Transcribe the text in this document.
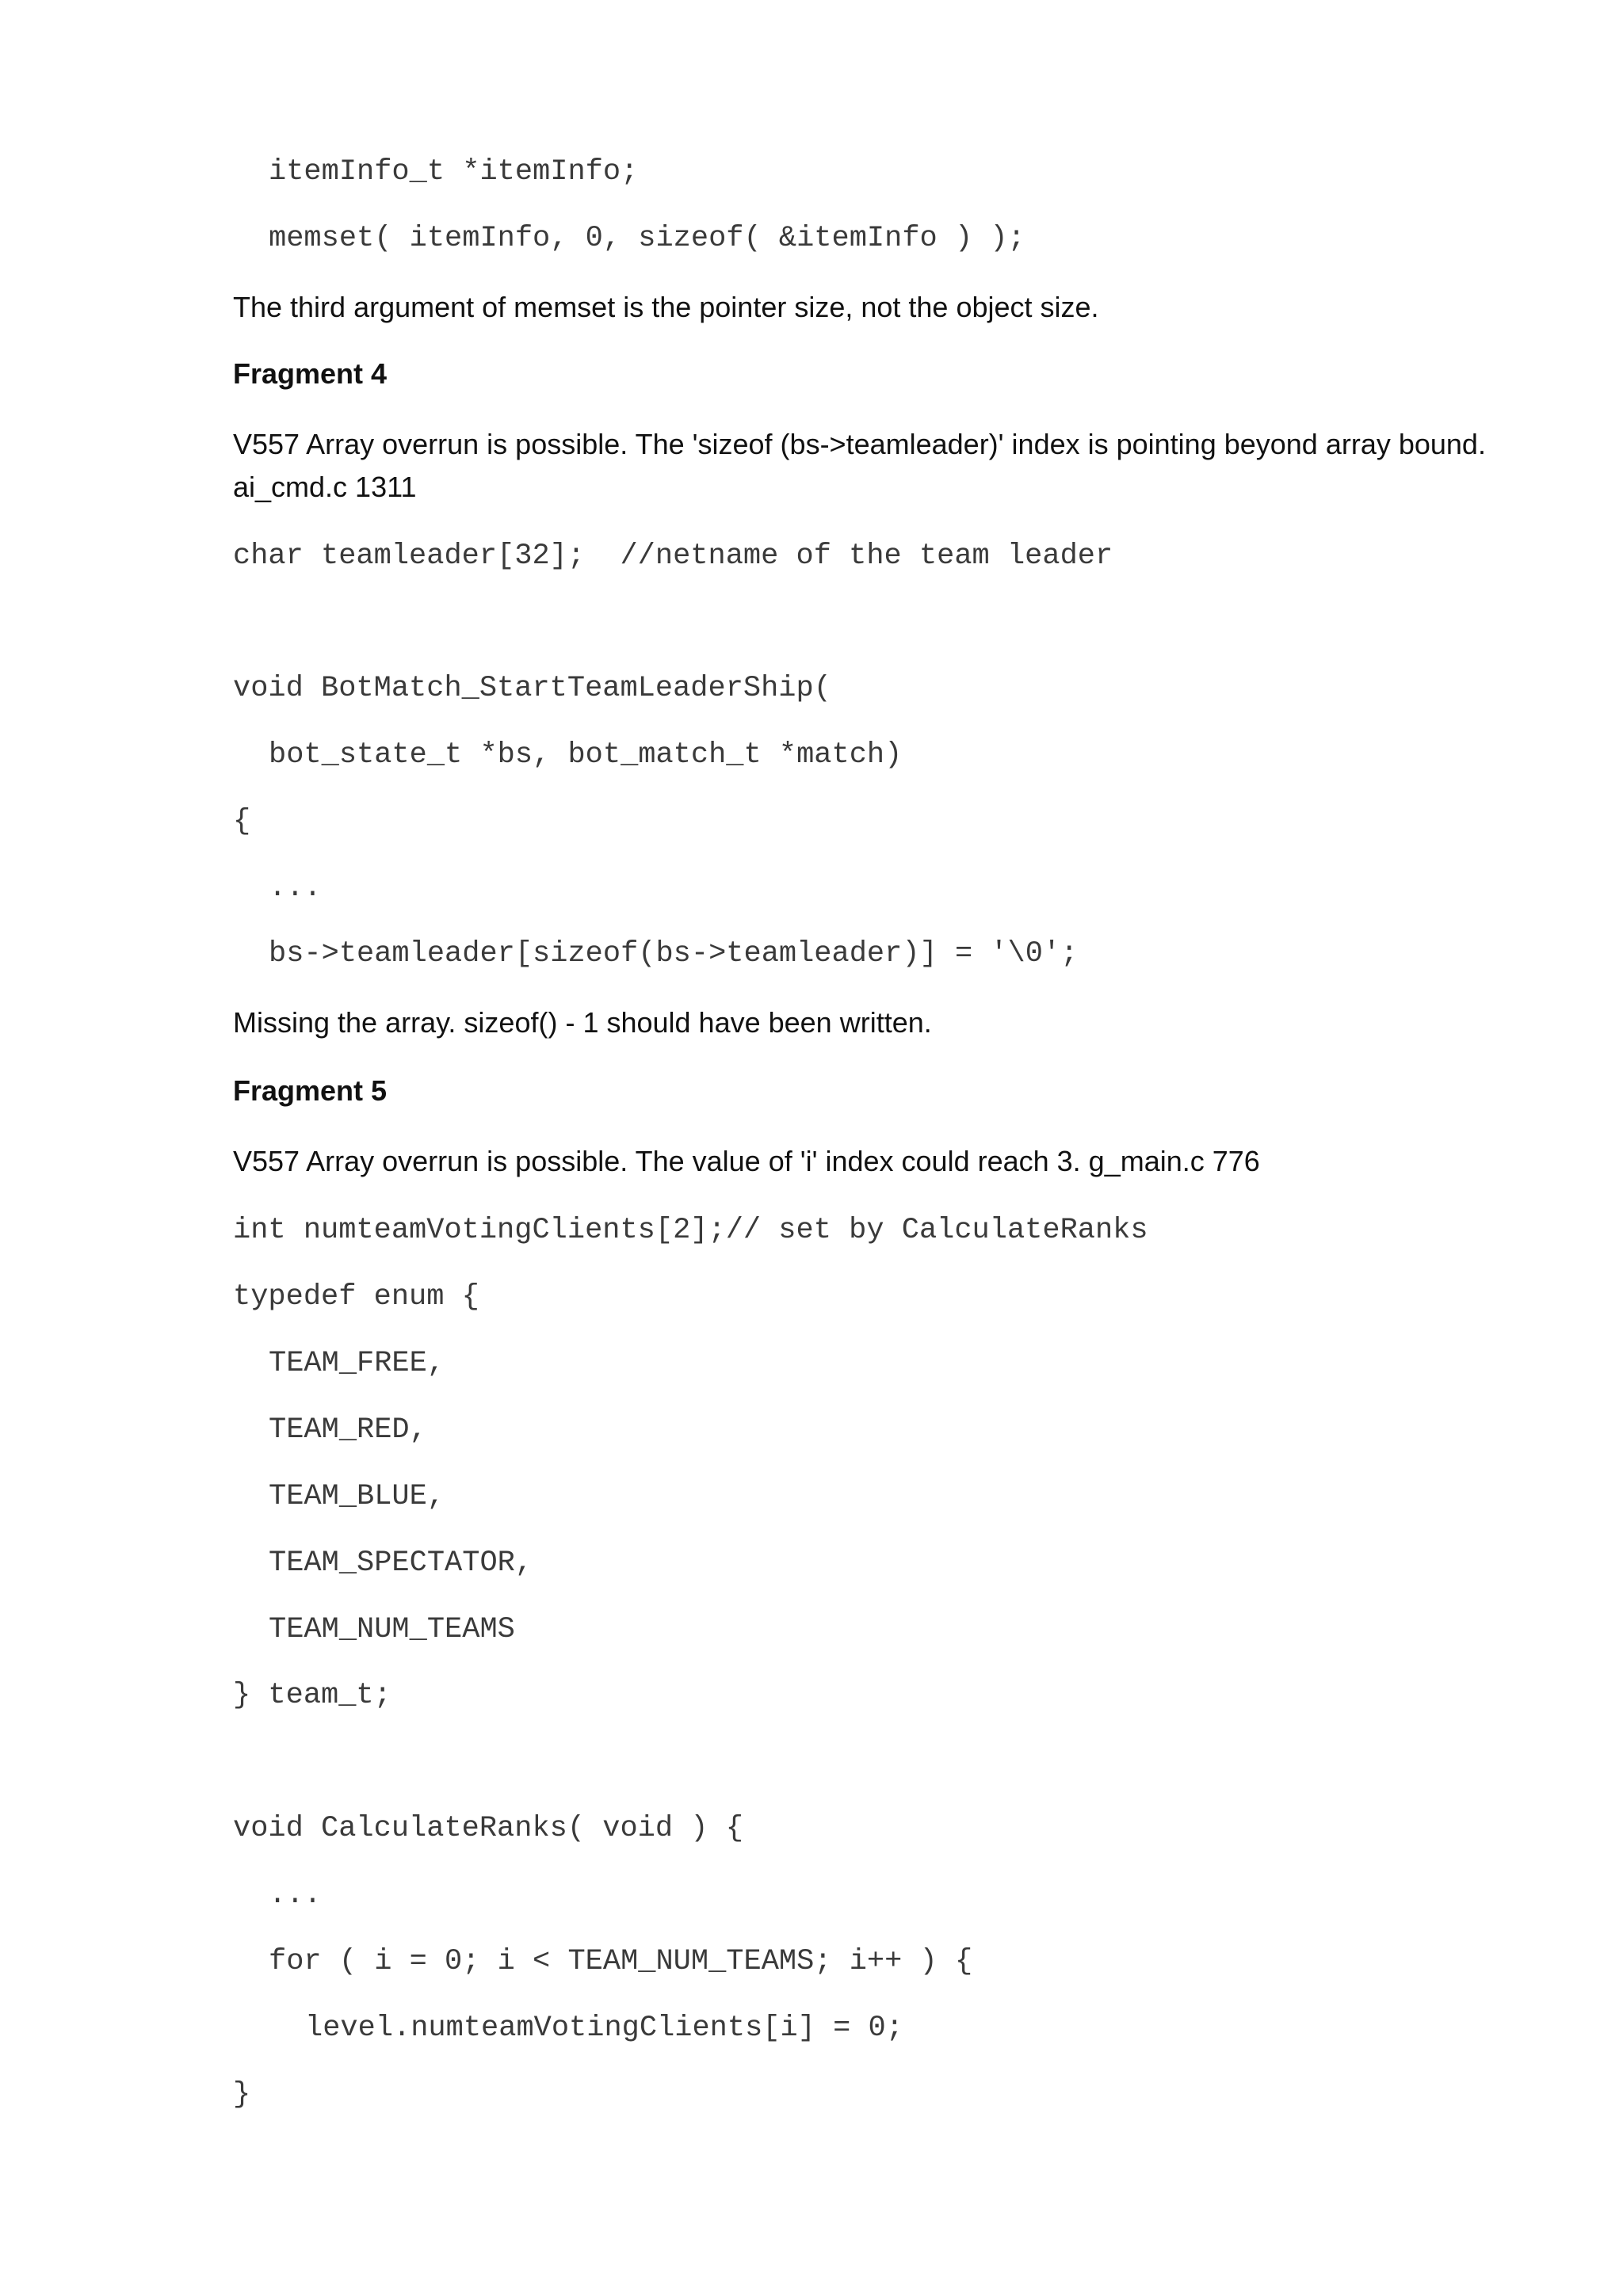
itemInfo_t *itemInfo;
memset( itemInfo, 0, sizeof( &itemInfo ) );
The third argument of memset is the pointer size, not the object size.
Fragment 4
V557 Array overrun is possible. The 'sizeof (bs->teamleader)' index is pointing beyond array bound.
ai_cmd.c 1311
char teamleader[32];  //netname of the team leader
void BotMatch_StartTeamLeaderShip(
bot_state_t *bs, bot_match_t *match)
{
...
bs->teamleader[sizeof(bs->teamleader)] = '\0';
Missing the array. sizeof() - 1 should have been written.
Fragment 5
V557 Array overrun is possible. The value of 'i' index could reach 3. g_main.c 776
int numteamVotingClients[2];// set by CalculateRanks
typedef enum {
TEAM_FREE,
TEAM_RED,
TEAM_BLUE,
TEAM_SPECTATOR,
TEAM_NUM_TEAMS
} team_t;
void CalculateRanks( void ) {
...
for ( i = 0; i < TEAM_NUM_TEAMS; i++ ) {
level.numteamVotingClients[i] = 0;
}
